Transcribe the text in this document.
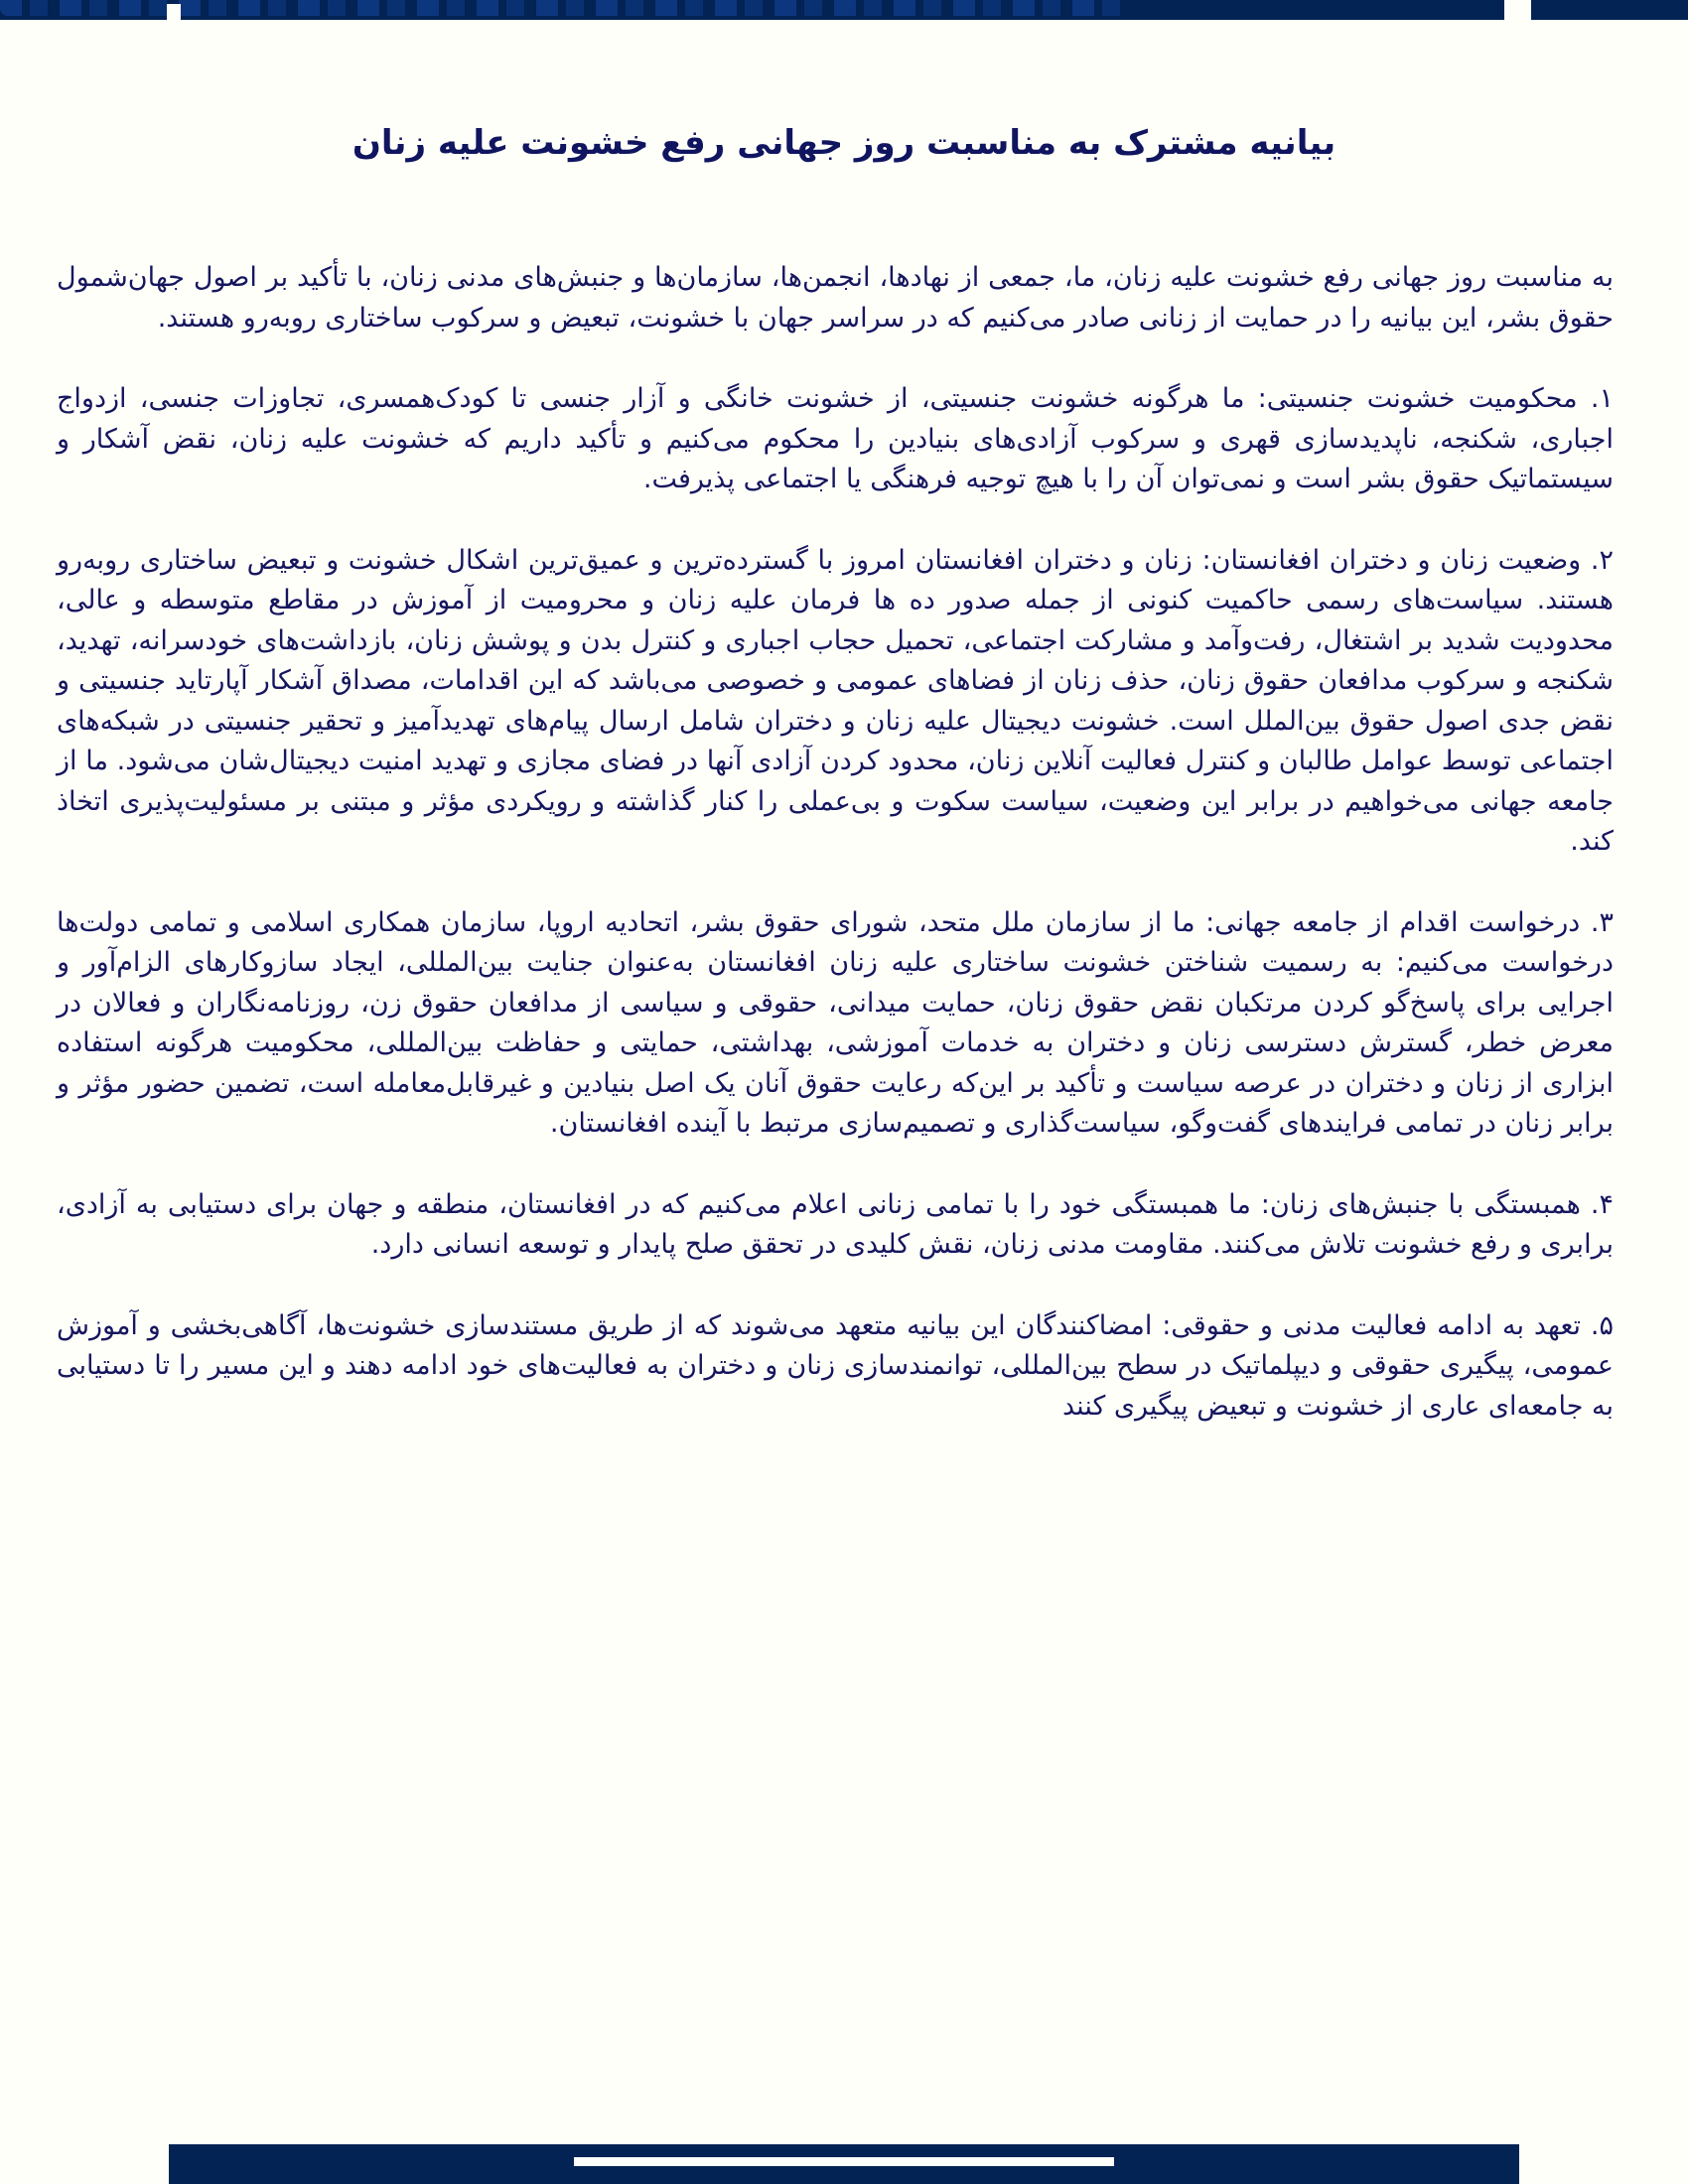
بیانیه مشترک به مناسبت روز جهانی رفع خشونت علیه زنان

به مناسبت روز جهانی رفع خشونت علیه زنان، ما، جمعی از نهادها، انجمن‌ها، سازمان‌ها و جنبش‌های مدنی زنان، با تأکید بر اصول جهان‌شمول حقوق بشر، این بیانیه را در حمایت از زنانی صادر می‌کنیم که در سراسر جهان با خشونت، تبعیض و سرکوب ساختاری روبه‌رو هستند.

۱. محکومیت خشونت جنسیتی: ما هرگونه خشونت جنسیتی، از خشونت خانگی و آزار جنسی تا کودک‌همسری، تجاوزات جنسی، ازدواج اجباری، شکنجه، ناپدیدسازی قهری و سرکوب آزادی‌های بنیادین را محکوم می‌کنیم و تأکید داریم که خشونت علیه زنان، نقض آشکار و سیستماتیک حقوق بشر است و نمی‌توان آن را با هیچ توجیه فرهنگی یا اجتماعی پذیرفت.

۲. وضعیت زنان و دختران افغانستان: زنان و دختران افغانستان امروز با گسترده‌ترین و عمیق‌ترین اشکال خشونت و تبعیض ساختاری روبه‌رو هستند. سیاست‌های رسمی حاکمیت کنونی از جمله صدور ده ها فرمان علیه زنان و محرومیت از آموزش در مقاطع متوسطه و عالی، محدودیت شدید بر اشتغال، رفت‌وآمد و مشارکت اجتماعی، تحمیل حجاب اجباری و کنترل بدن و پوشش زنان، بازداشت‌های خودسرانه، تهدید، شکنجه و سرکوب مدافعان حقوق زنان، حذف زنان از فضاهای عمومی و خصوصی می‌باشد که این اقدامات، مصداق آشکار آپارتاید جنسیتی و نقض جدی اصول حقوق بین‌الملل است. خشونت دیجیتال علیه زنان و دختران شامل ارسال پیام‌های تهدیدآمیز و تحقیر جنسیتی در شبکه‌های اجتماعی توسط عوامل طالبان و کنترل فعالیت آنلاین زنان، محدود کردن آزادی آنها در فضای مجازی و تهدید امنیت دیجیتال‌شان می‌شود. ما از جامعه جهانی می‌خواهیم در برابر این وضعیت، سیاست سکوت و بی‌عملی را کنار گذاشته و رویکردی مؤثر و مبتنی بر مسئولیت‌پذیری اتخاذ کند.

۳. درخواست اقدام از جامعه جهانی: ما از سازمان ملل متحد، شورای حقوق بشر، اتحادیه اروپا، سازمان همکاری اسلامی و تمامی دولت‌ها درخواست می‌کنیم: به رسمیت شناختن خشونت ساختاری علیه زنان افغانستان به‌عنوان جنایت بین‌المللی، ایجاد سازوکارهای الزام‌آور و اجرایی برای پاسخ‌گو کردن مرتکبان نقض حقوق زنان، حمایت میدانی، حقوقی و سیاسی از مدافعان حقوق زن، روزنامه‌نگاران و فعالان در معرض خطر، گسترش دسترسی زنان و دختران به خدمات آموزشی، بهداشتی، حمایتی و حفاظت بین‌المللی، محکومیت هرگونه استفاده ابزاری از زنان و دختران در عرصه سیاست و تأکید بر این‌که رعایت حقوق آنان یک اصل بنیادین و غیرقابل‌معامله است، تضمین حضور مؤثر و برابر زنان در تمامی فرایندهای گفت‌وگو، سیاست‌گذاری و تصمیم‌سازی مرتبط با آینده افغانستان.

۴. همبستگی با جنبش‌های زنان: ما همبستگی خود را با تمامی زنانی اعلام می‌کنیم که در افغانستان، منطقه و جهان برای دستیابی به آزادی، برابری و رفع خشونت تلاش می‌کنند. مقاومت مدنی زنان، نقش کلیدی در تحقق صلح پایدار و توسعه انسانی دارد.

۵. تعهد به ادامه فعالیت مدنی و حقوقی: امضاکنندگان این بیانیه متعهد می‌شوند که از طریق مستندسازی خشونت‌ها، آگاهی‌بخشی و آموزش عمومی، پیگیری حقوقی و دیپلماتیک در سطح بین‌المللی، توانمندسازی زنان و دختران به فعالیت‌های خود ادامه دهند و این مسیر را تا دستیابی به جامعه‌ای عاری از خشونت و تبعیض پیگیری کنند
